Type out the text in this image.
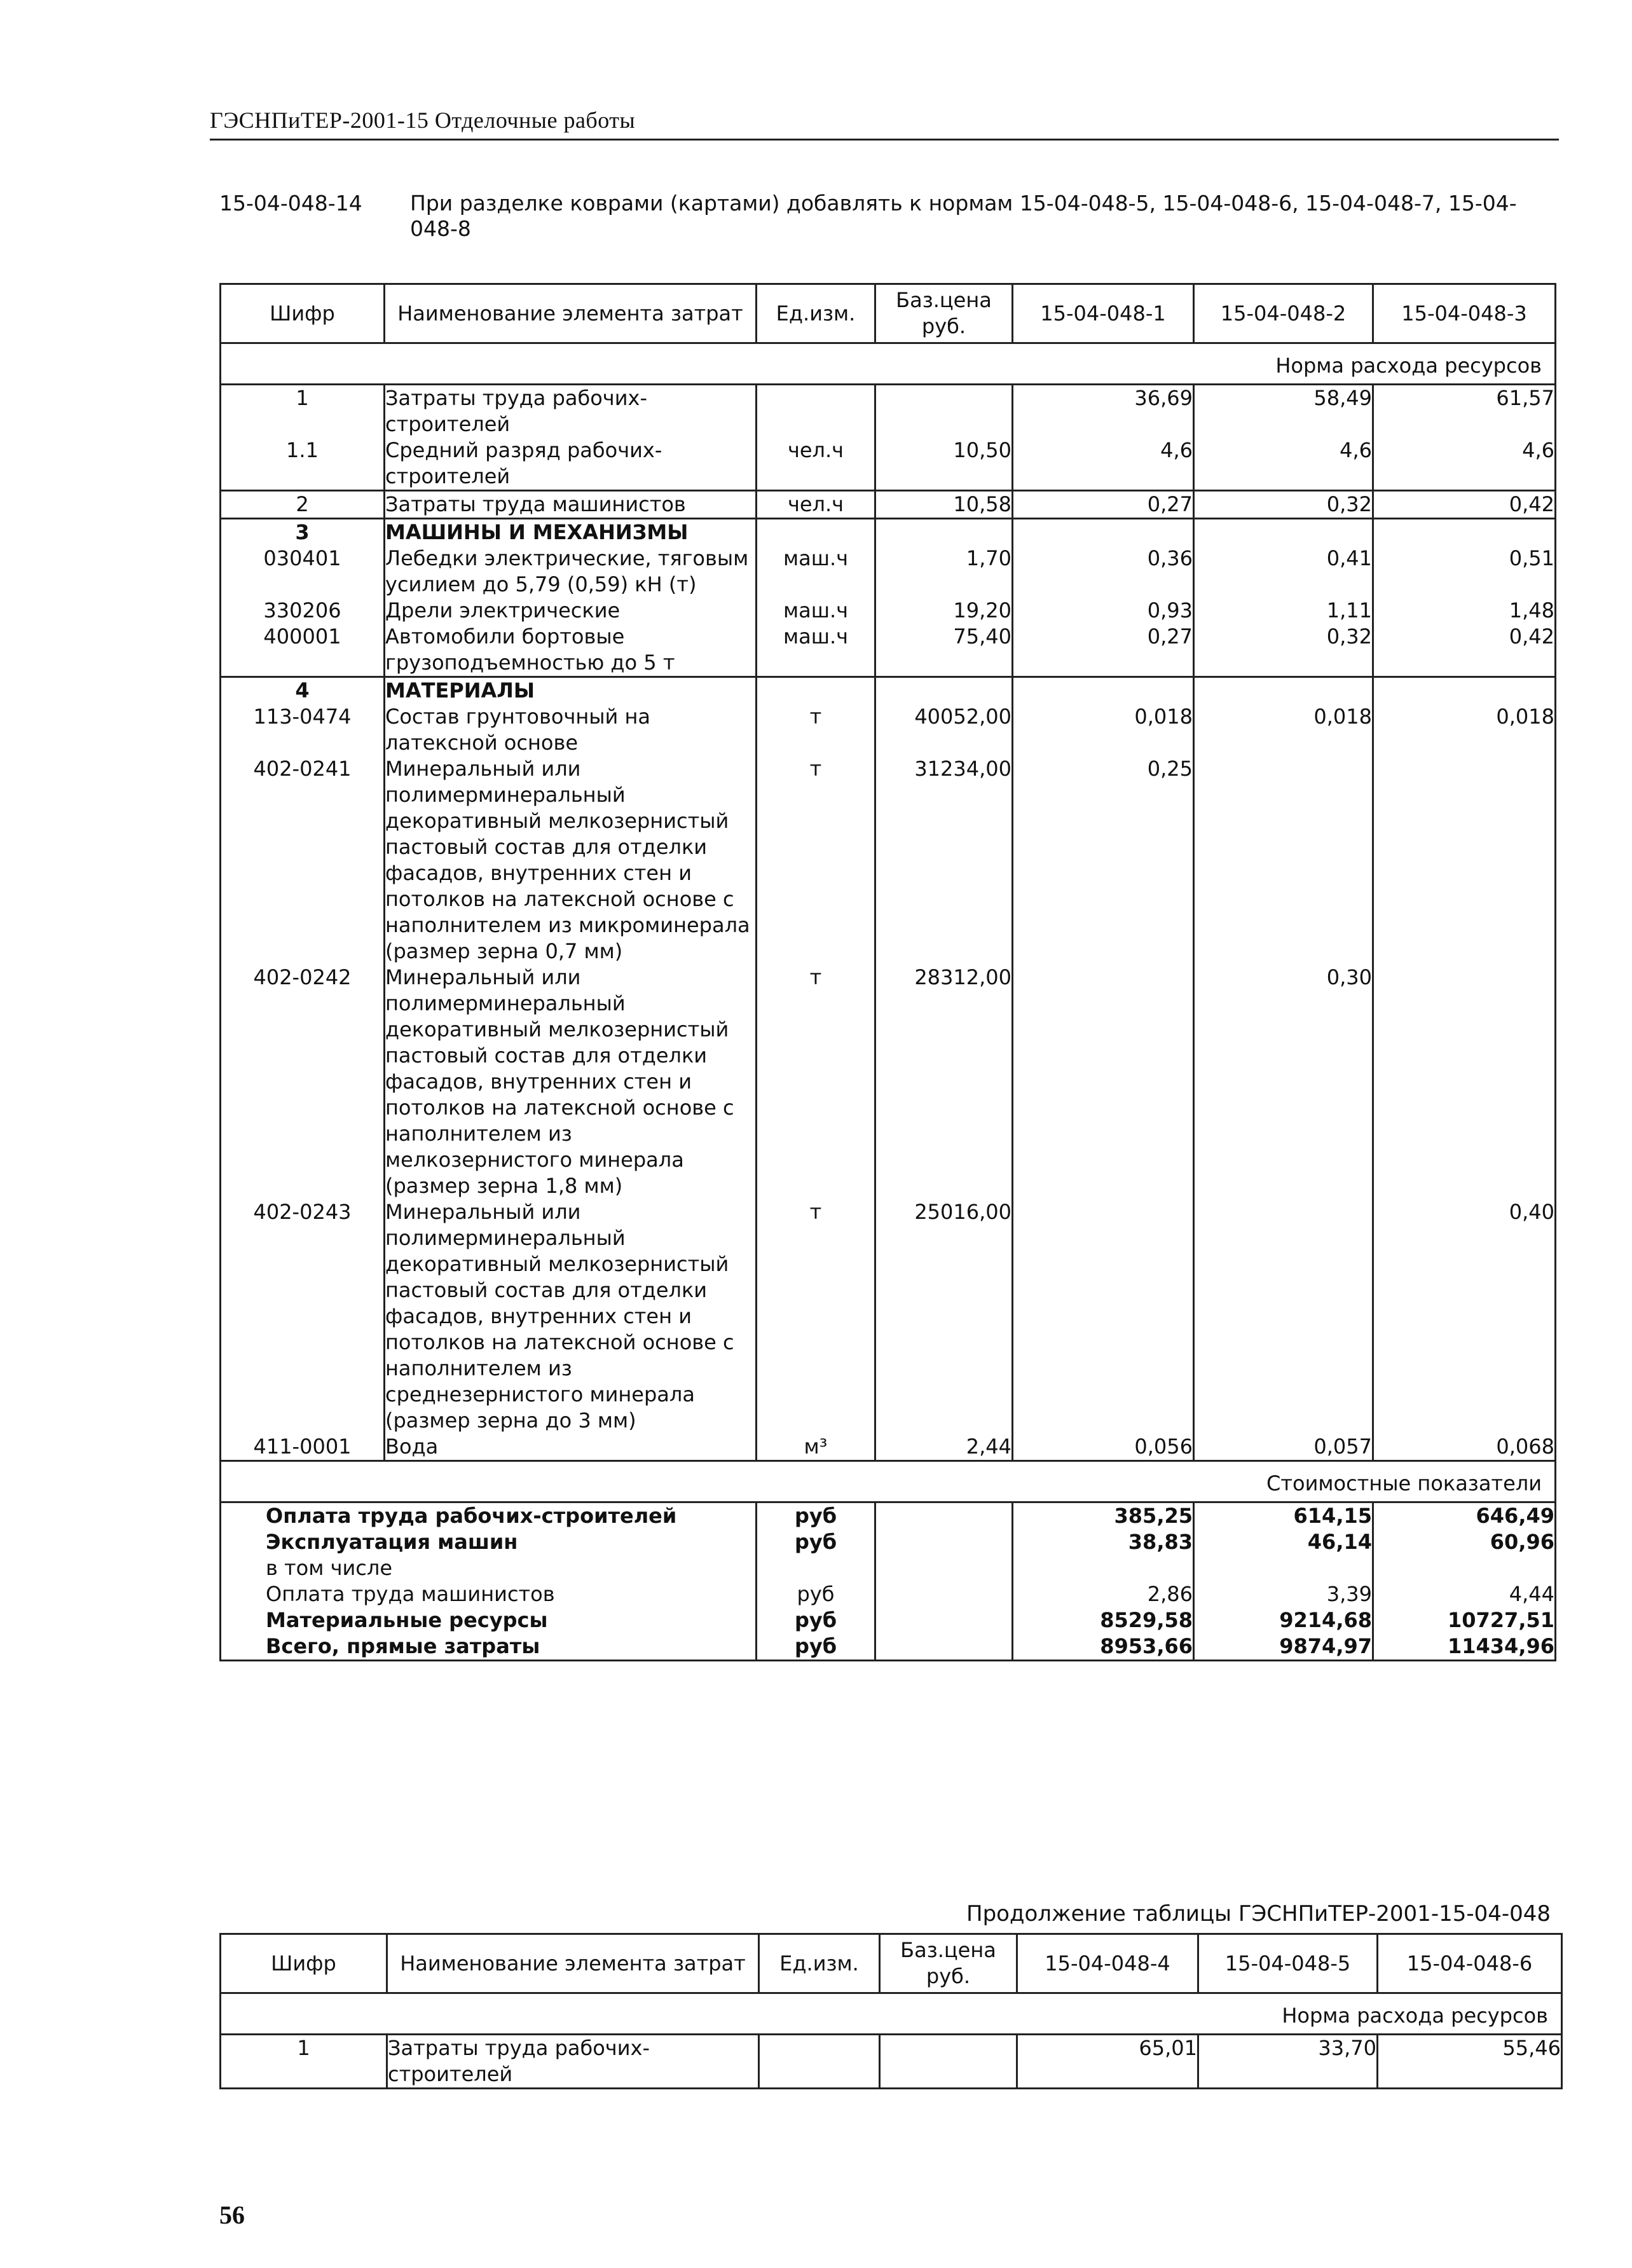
ГЭСНПиТЕР-2001-15 Отделочные работы
15-04-048-14 При разделке коврами (картами) добавлять к нормам 15-04-048-5, 15-04-048-6, 15-04-048-7, 15-04-048-8
Шифр	Наименование элемента затрат	Ед.изм.	Баз.цена руб.	15-04-048-1	15-04-048-2	15-04-048-3
Норма расхода ресурсов						
1	Затраты труда рабочих-строителей			36,69	58,49	61,57
1.1	Средний разряд рабочих-строителей	чел.ч	10,50	4,6	4,6	4,6
2	Затраты труда машинистов	чел.ч	10,58	0,27	0,32	0,42
3	МАШИНЫ И МЕХАНИЗМЫ					
030401	Лебедки электрические, тяговым усилием до 5,79 (0,59) кН (т)	маш.ч	1,70	0,36	0,41	0,51
330206	Дрели электрические	маш.ч	19,20	0,93	1,11	1,48
400001	Автомобили бортовые грузоподъемностью до 5 т	маш.ч	75,40	0,27	0,32	0,42
4	МАТЕРИАЛЫ					
113-0474	Состав грунтовочный на латексной основе	т	40052,00	0,018	0,018	0,018
402-0241	Минеральный или полимерминеральный декоративный мелкозернистый пастовый состав для отделки фасадов, внутренних стен и потолков на латексной основе с наполнителем из микроминерала (размер зерна 0,7 мм)	т	31234,00	0,25		
402-0242	Минеральный или полимерминеральный декоративный мелкозернистый пастовый состав для отделки фасадов, внутренних стен и потолков на латексной основе с наполнителем из мелкозернистого минерала (размер зерна 1,8 мм)	т	28312,00		0,30	
402-0243	Минеральный или полимерминеральный декоративный мелкозернистый пастовый состав для отделки фасадов, внутренних стен и потолков на латексной основе с наполнителем из среднезернистого минерала (размер зерна до 3 мм)	т	25016,00			0,40
411-0001	Вода	м³	2,44	0,056	0,057	0,068
Стоимостные показатели						
Оплата труда рабочих-строителей		руб		385,25	614,15	646,49
Эксплуатация машин		руб		38,83	46,14	60,96
в том числе						
Оплата труда машинистов		руб		2,86	3,39	4,44
Материальные ресурсы		руб		8529,58	9214,68	10727,51
Всего, прямые затраты		руб		8953,66	9874,97	11434,96
Продолжение таблицы ГЭСНПиТЕР-2001-15-04-048
Шифр	Наименование элемента затрат	Ед.изм.	Баз.цена руб.	15-04-048-4	15-04-048-5	15-04-048-6
Норма расхода ресурсов						
1	Затраты труда рабочих-строителей			65,01	33,70	55,46
56
